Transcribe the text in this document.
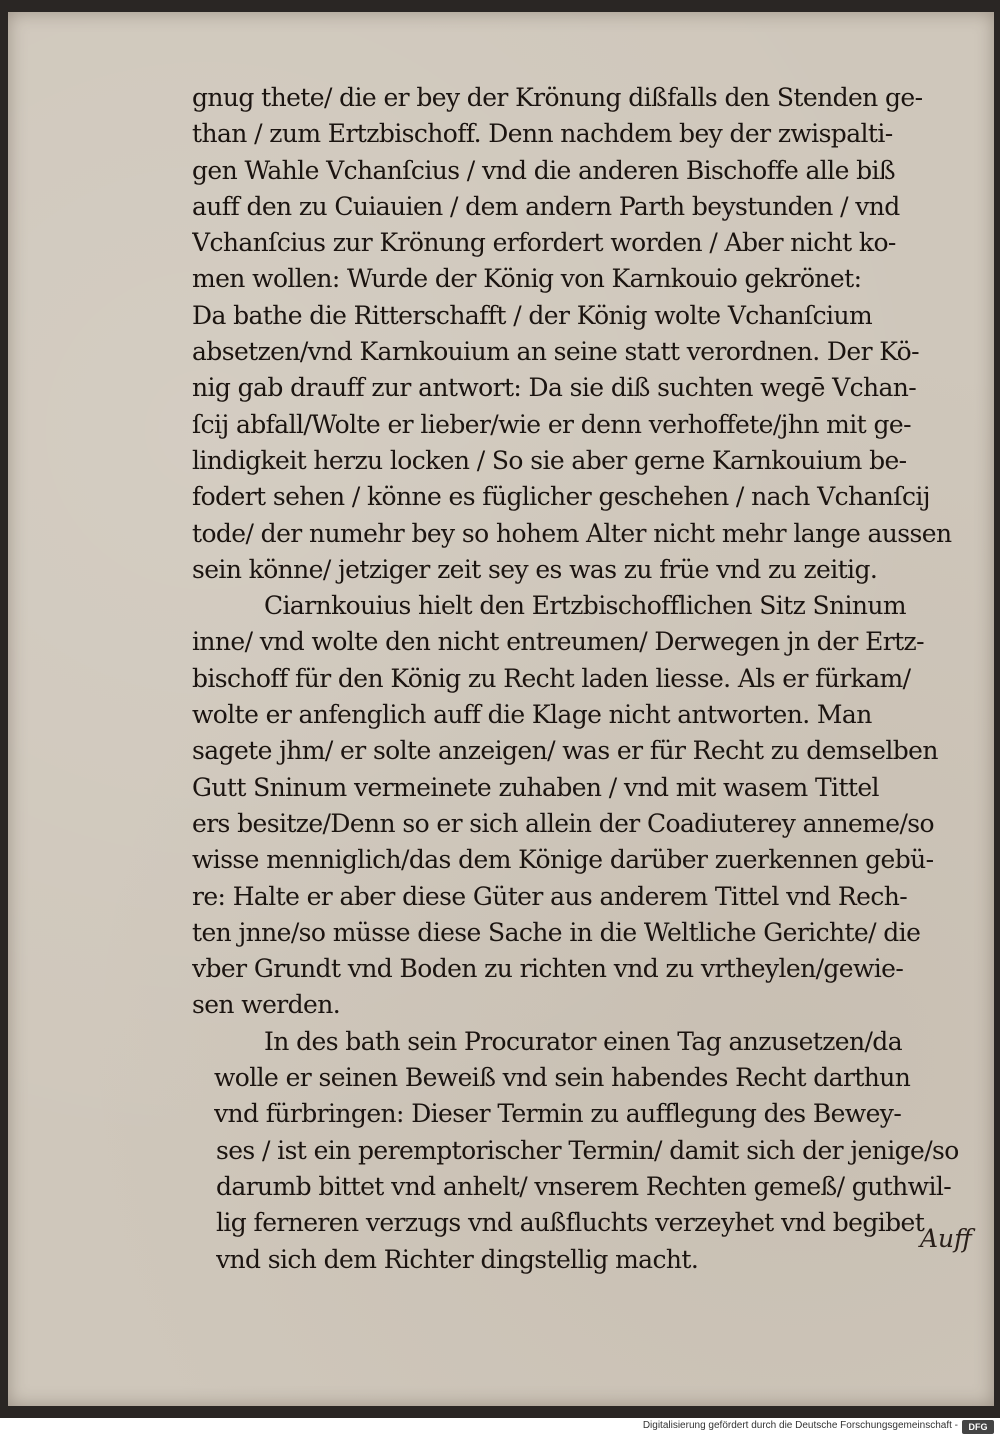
gnug thete/ die er bey der Krönung dißfalls den Stenden ge-
than / zum Ertzbischoff. Denn nachdem bey der zwispalti-
gen Wahle Vchanſcius / vnd die anderen Bischoffe alle biß
auff den zu Cuiauien / dem andern Parth beystunden / vnd
Vchanſcius zur Krönung erfordert worden / Aber nicht ko-
men wollen: Wurde der König von Karnkouio gekrönet:
Da bathe die Ritterschafft / der König wolte Vchanſcium
absetzen/vnd Karnkouium an seine statt verordnen. Der Kö-
nig gab drauff zur antwort: Da sie diß suchten wegē Vchan-
ſcij abfall/Wolte er lieber/wie er denn verhoffete/jhn mit ge-
lindigkeit herzu locken / So sie aber gerne Karnkouium be-
fodert sehen / könne es füglicher geschehen / nach Vchanſcij
tode/ der numehr bey so hohem Alter nicht mehr lange aussen
sein könne/ jetziger zeit sey es was zu früe vnd zu zeitig.
Ciarnkouius hielt den Ertzbischofflichen Sitz Sninum
inne/ vnd wolte den nicht entreumen/ Derwegen jn der Ertz-
bischoff für den König zu Recht laden liesse. Als er fürkam/
wolte er anfenglich auff die Klage nicht antworten. Man
sagete jhm/ er solte anzeigen/ was er für Recht zu demselben
Gutt Sninum vermeinete zuhaben / vnd mit wasem Tittel
ers besitze/Denn so er sich allein der Coadiuterey anneme/so
wisse menniglich/das dem Könige darüber zuerkennen gebü-
re: Halte er aber diese Güter aus anderem Tittel vnd Rech-
ten jnne/so müsse diese Sache in die Weltliche Gerichte/ die
vber Grundt vnd Boden zu richten vnd zu vrtheylen/gewie-
sen werden.
In des bath sein Procurator einen Tag anzusetzen/da
wolle er seinen Beweiß vnd sein habendes Recht darthun
vnd fürbringen: Dieser Termin zu aufflegung des Bewey-
ses / ist ein peremptorischer Termin/ damit sich der jenige/so
darumb bittet vnd anhelt/ vnserem Rechten gemeß/ guthwil-
lig ferneren verzugs vnd außfluchts verzeyhet vnd begibet
vnd sich dem Richter dingstellig macht.
Auff
Digitalisierung gefördert durch die Deutsche Forschungsgemeinschaft -	DFG
